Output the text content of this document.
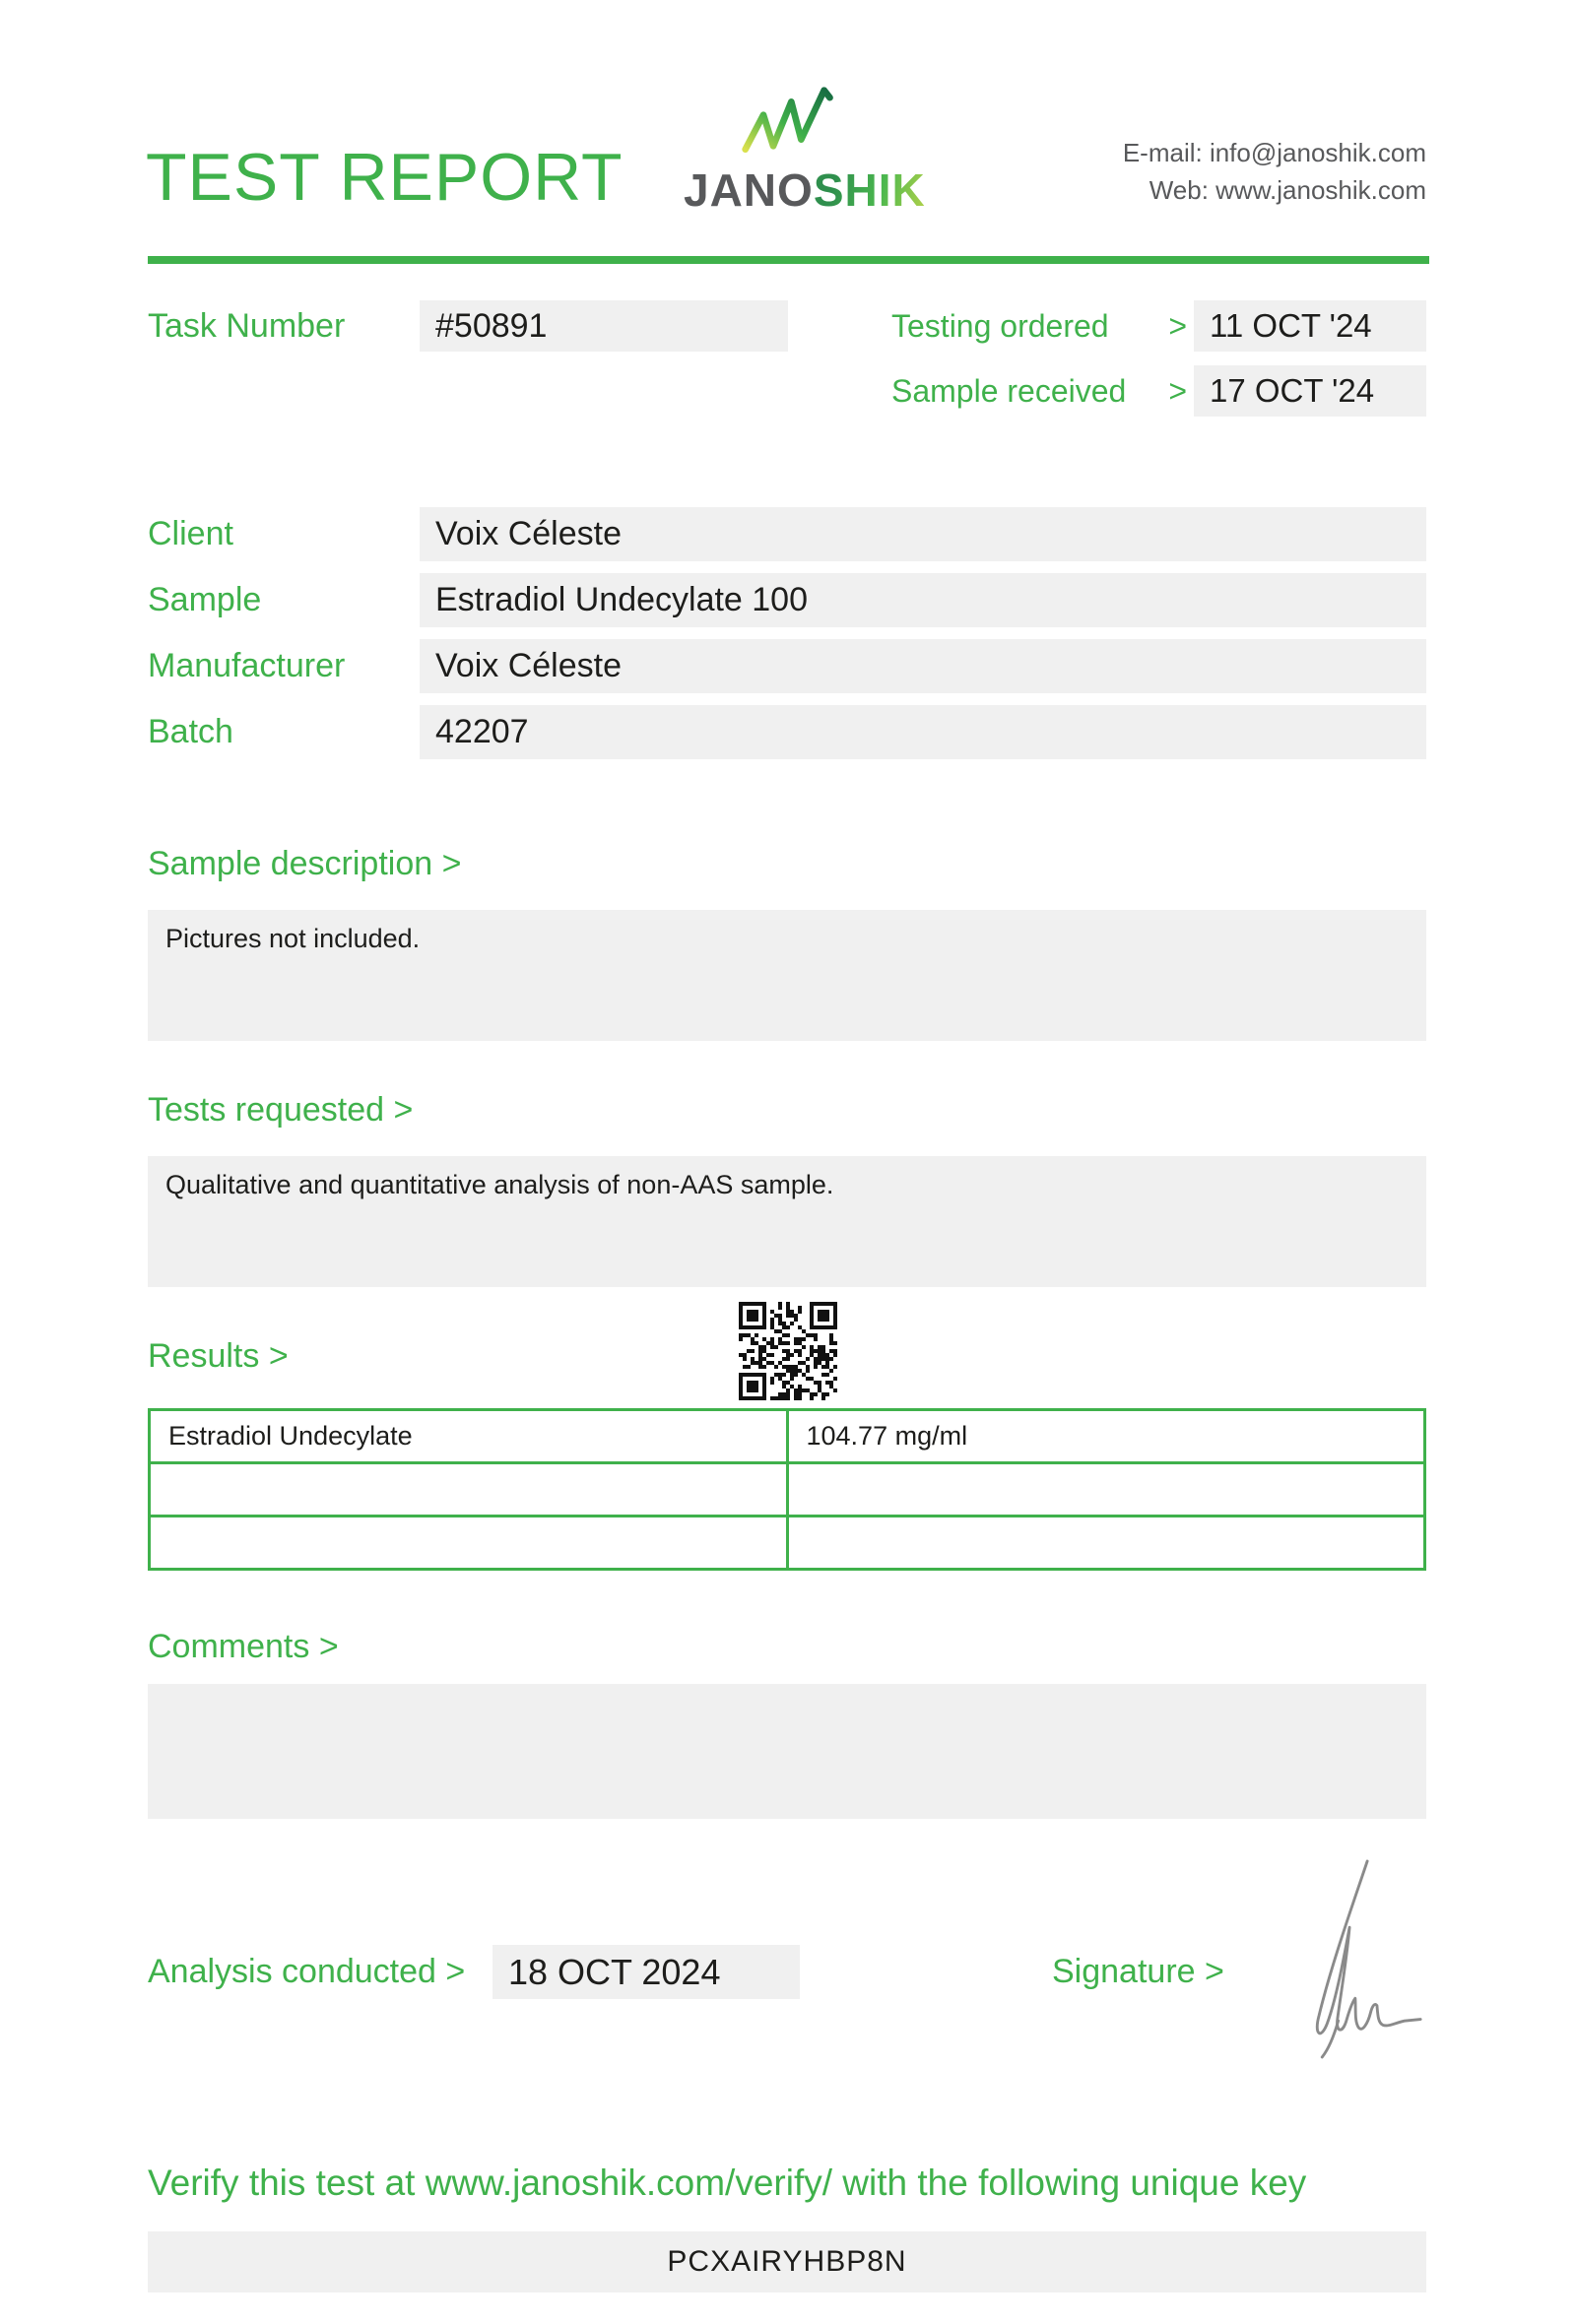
TEST REPORT JANOSHIK
E-mail: info@janoshik.com
Web: www.janoshik.com
Task Number	#50891	Testing ordered > 11 OCT '24
Sample received > 17 OCT '24
Client	Voix Céleste
Sample	Estradiol Undecylate 100
Manufacturer	Voix Céleste
Batch	42207
Sample description >
Pictures not included.
Tests requested >
Qualitative and quantitative analysis of non-AAS sample.
Results >
Estradiol Undecylate	104.77 mg/ml

Comments >
Analysis conducted >	18 OCT 2024	Signature >
Verify this test at www.janoshik.com/verify/ with the following unique key
PCXAIRYHBP8N
